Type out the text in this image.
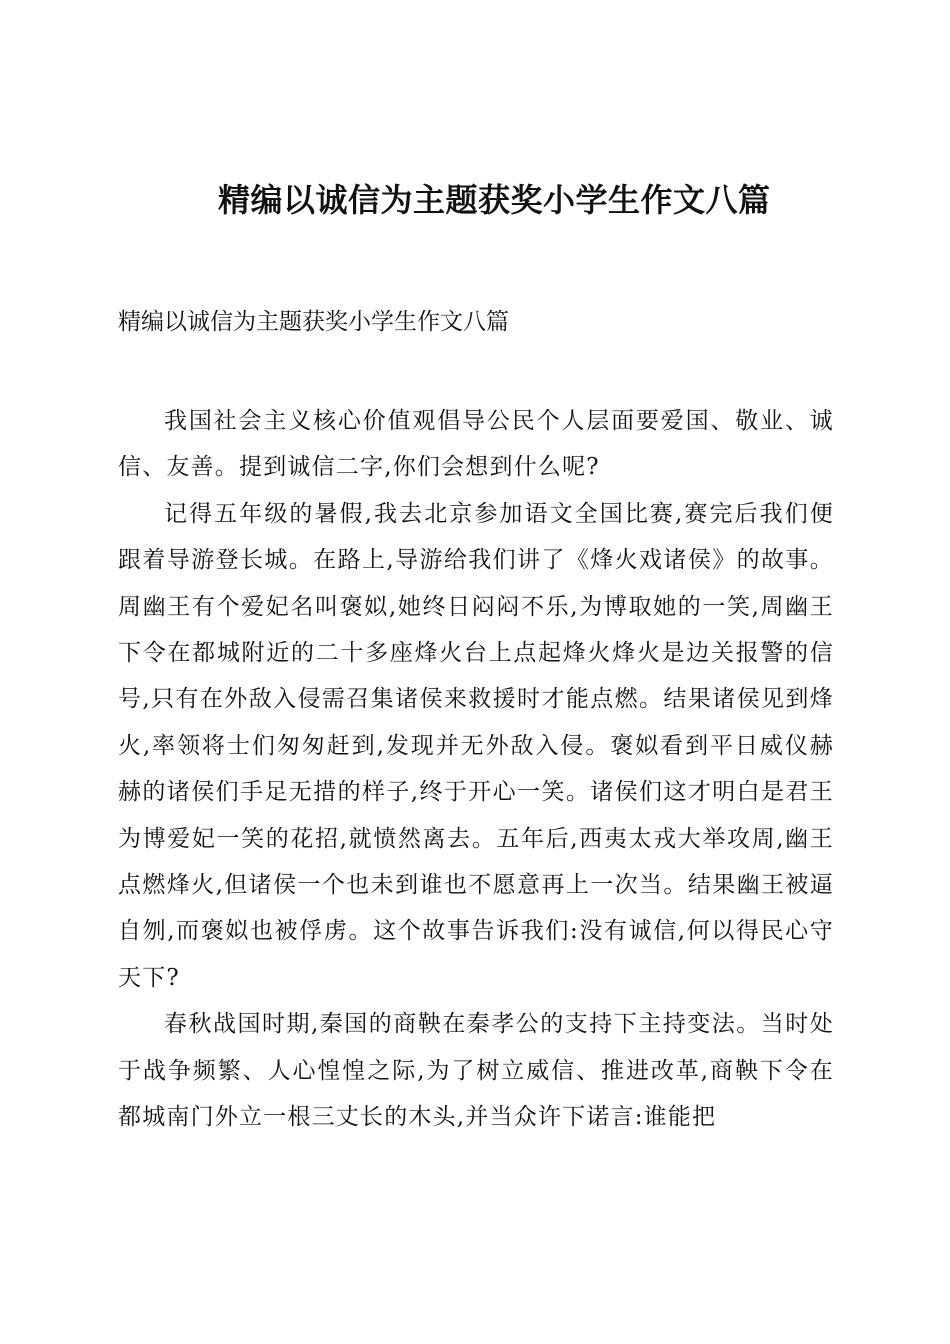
精编以诚信为主题获奖小学生作文八篇
精编以诚信为主题获奖小学生作文八篇

我国社会主义核心价值观倡导公民个人层面要爱国、敬业、诚信、友善。提到诚信二字,你们会想到什么呢?

记得五年级的暑假,我去北京参加语文全国比赛,赛完后我们便跟着导游登长城。在路上,导游给我们讲了《烽火戏诸侯》的故事。周幽王有个爱妃名叫褒姒,她终日闷闷不乐,为博取她的一笑,周幽王下令在都城附近的二十多座烽火台上点起烽火烽火是边关报警的信号,只有在外敌入侵需召集诸侯来救援时才能点燃。结果诸侯见到烽火,率领将士们匆匆赶到,发现并无外敌入侵。褒姒看到平日威仪赫赫的诸侯们手足无措的样子,终于开心一笑。诸侯们这才明白是君王为博爱妃一笑的花招,就愤然离去。五年后,西夷太戎大举攻周,幽王点燃烽火,但诸侯一个也未到谁也不愿意再上一次当。结果幽王被逼自刎,而褒姒也被俘虏。这个故事告诉我们:没有诚信,何以得民心守天下?

春秋战国时期,秦国的商鞅在秦孝公的支持下主持变法。当时处于战争频繁、人心惶惶之际,为了树立威信、推进改革,商鞅下令在都城南门外立一根三丈长的木头,并当众许下诺言:谁能把
